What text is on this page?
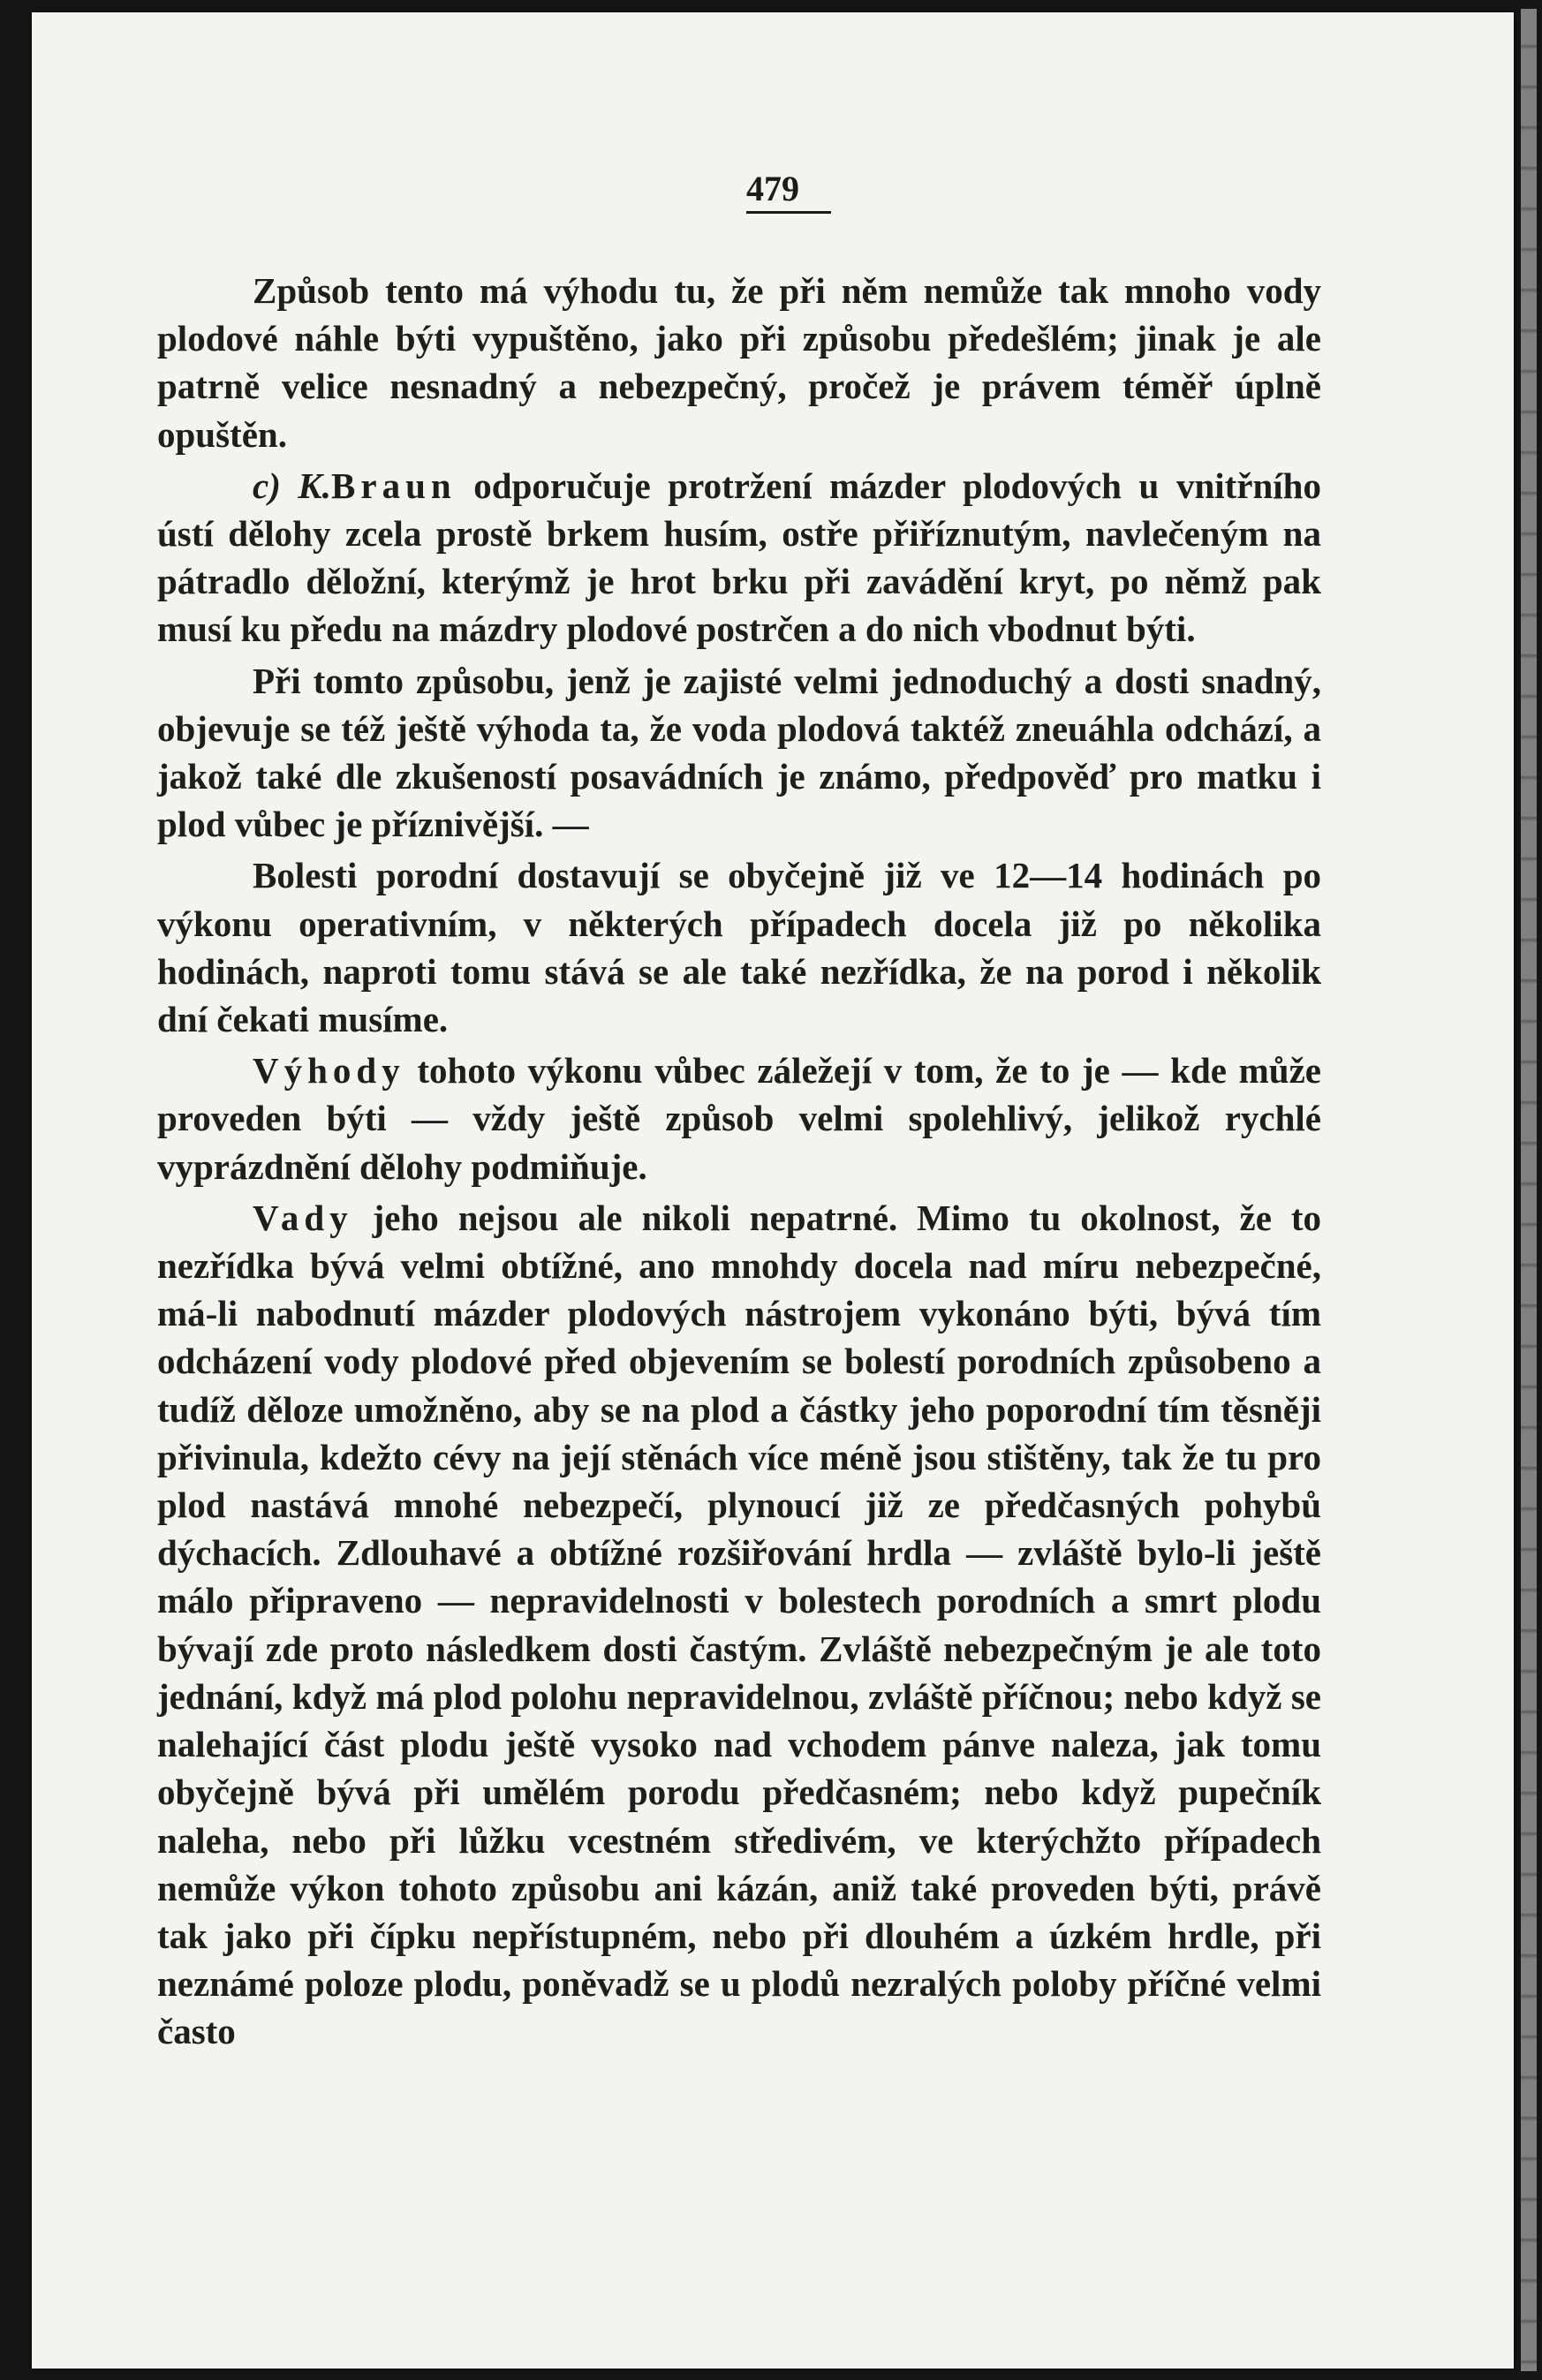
479

Způsob tento má výhodu tu, že při něm nemůže tak mnoho vody plodové náhle býti vypuštěno, jako při způsobu předešlém; jinak je ale patrně velice nesnadný a nebezpečný, pročež je právem téměř úplně opuštěn.

c) K.Braun odporučuje protržení mázder plodových u vnitřního ústí dělohy zcela prostě brkem husím, ostře přiříznutým, navlečeným na pátradlo děložní, kterýmž je hrot brku při zavádění kryt, po němž pak musí ku předu na mázdry plodové postrčen a do nich vbodnut býti.

Při tomto způsobu, jenž je zajisté velmi jednoduchý a dosti snadný, objevuje se též ještě výhoda ta, že voda plodová taktéž zneuáhla odchází, a jakož také dle zkušeností posavádních je známo, předpověď pro matku i plod vůbec je příznivější. —

Bolesti porodní dostavují se obyčejně již ve 12—14 hodinách po výkonu operativním, v některých případech docela již po několika hodinách, naproti tomu stává se ale také nezřídka, že na porod i několik dní čekati musíme.

Výhody tohoto výkonu vůbec záležejí v tom, že to je — kde může proveden býti — vždy ještě způsob velmi spolehlivý, jelikož rychlé vyprázdnění dělohy podmiňuje.

Vady jeho nejsou ale nikoli nepatrné. Mimo tu okolnost, že to nezřídka bývá velmi obtížné, ano mnohdy docela nad míru nebezpečné, má-li nabodnutí mázder plodových nástrojem vykonáno býti, bývá tím odcházení vody plodové před objevením se bolestí porodních způsobeno a tudíž děloze umožněno, aby se na plod a částky jeho poporodní tím těsněji přivinula, kdežto cévy na její stěnách více méně jsou stištěny, tak že tu pro plod nastává mnohé nebezpečí, plynoucí již ze předčasných pohybů dýchacích. Zdlouhavé a obtížné rozšiřování hrdla — zvláště bylo-li ještě málo připraveno — nepravidelnosti v bolestech porodních a smrt plodu bývají zde proto následkem dosti častým. Zvláště nebezpečným je ale toto jednání, když má plod polohu nepravidelnou, zvláště příčnou; nebo když se nalehající část plodu ještě vysoko nad vchodem pánve naleza, jak tomu obyčejně bývá při umělém porodu předčasném; nebo když pupečník naleha, nebo při lůžku vcestném středivém, ve kterýchžto případech nemůže výkon tohoto způsobu ani kázán, aniž také proveden býti, právě tak jako při čípku nepřístupném, nebo při dlouhém a úzkém hrdle, při neznámé poloze plodu, poněvadž se u plodů nezralých poloby příčné velmi často
